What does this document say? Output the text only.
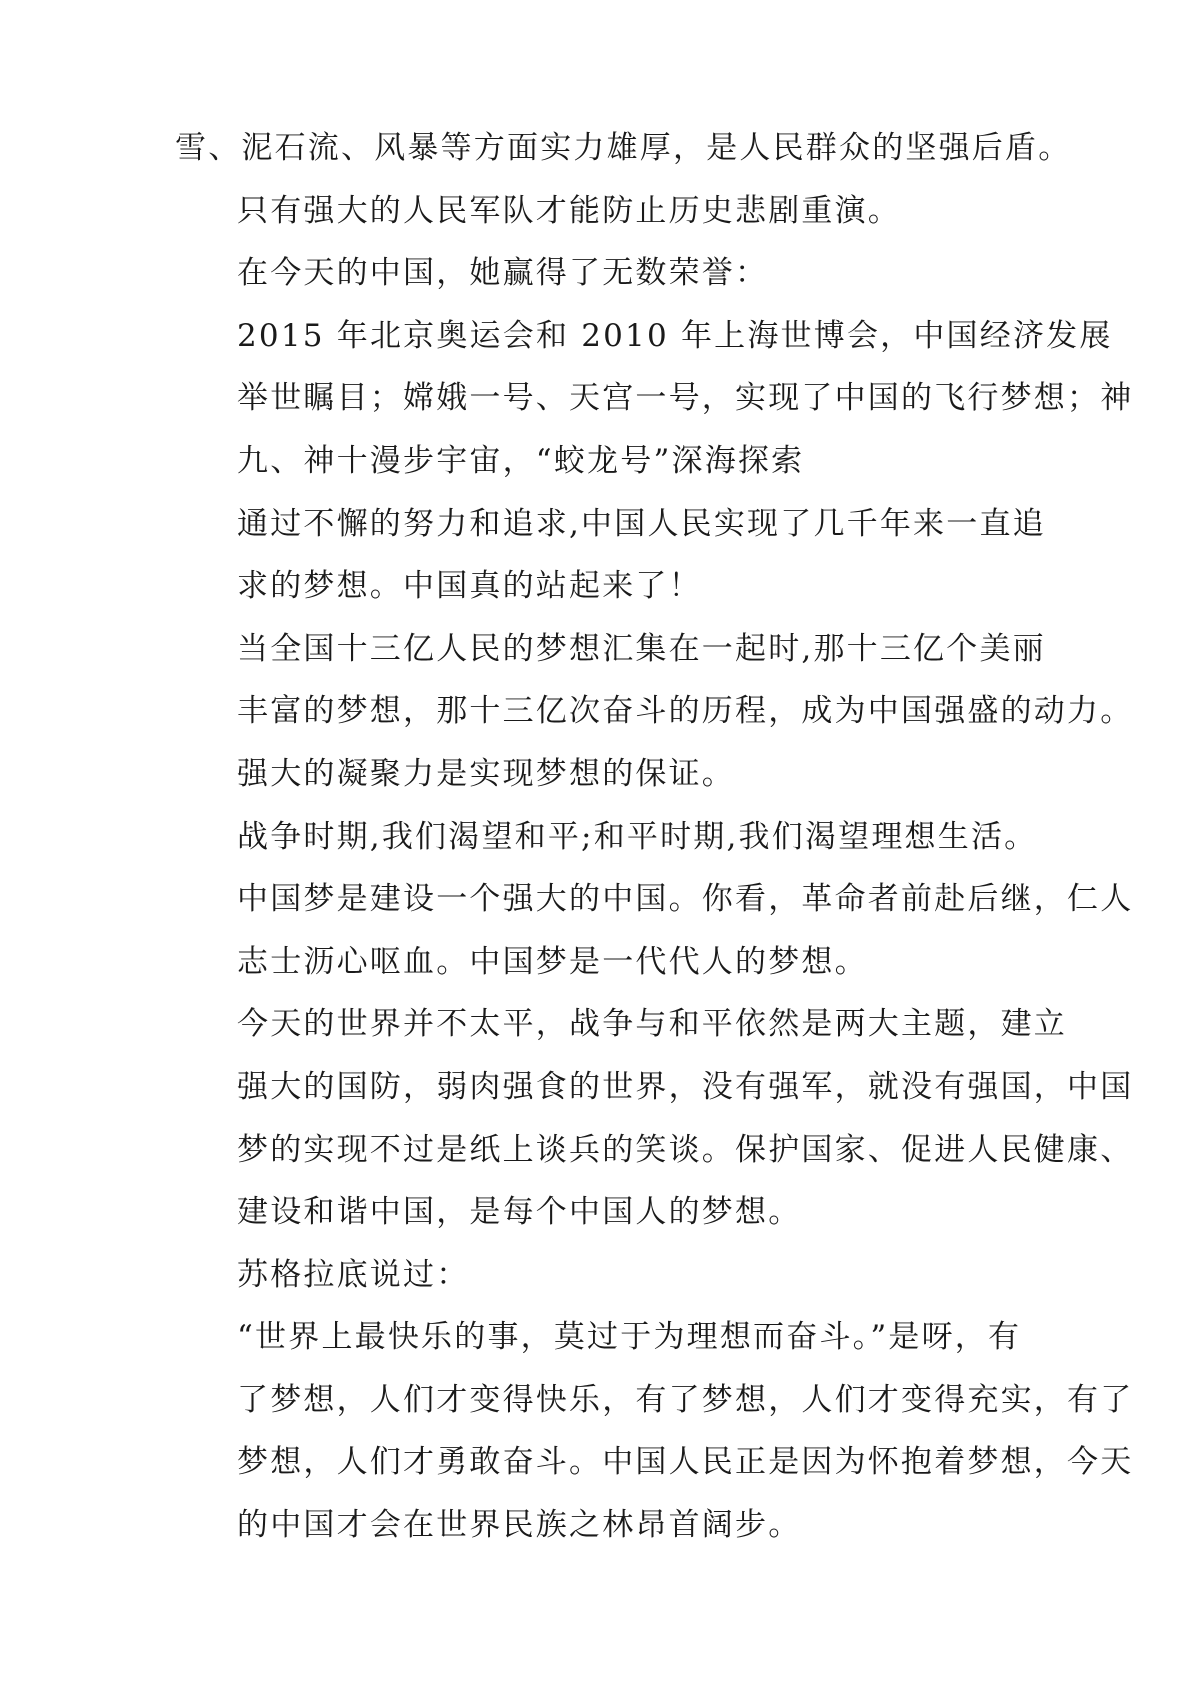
雪、泥石流、风暴等方面实力雄厚，是人民群众的坚强后盾。
只有强大的人民军队才能防止历史悲剧重演。
在今天的中国，她赢得了无数荣誉：
2015 年北京奥运会和 2010 年上海世博会，中国经济发展
举世瞩目；嫦娥一号、天宫一号，实现了中国的飞行梦想；神
九、神十漫步宇宙，“蛟龙号”深海探索
通过不懈的努力和追求,中国人民实现了几千年来一直追
求的梦想。中国真的站起来了！
当全国十三亿人民的梦想汇集在一起时,那十三亿个美丽
丰富的梦想，那十三亿次奋斗的历程，成为中国强盛的动力。
强大的凝聚力是实现梦想的保证。
战争时期,我们渴望和平;和平时期,我们渴望理想生活。
中国梦是建设一个强大的中国。你看，革命者前赴后继，仁人
志士沥心呕血。中国梦是一代代人的梦想。
今天的世界并不太平，战争与和平依然是两大主题，建立
强大的国防，弱肉强食的世界，没有强军，就没有强国，中国
梦的实现不过是纸上谈兵的笑谈。保护国家、促进人民健康、
建设和谐中国，是每个中国人的梦想。
苏格拉底说过：
“世界上最快乐的事，莫过于为理想而奋斗。”是呀，有
了梦想，人们才变得快乐，有了梦想，人们才变得充实，有了
梦想，人们才勇敢奋斗。中国人民正是因为怀抱着梦想，今天
的中国才会在世界民族之林昂首阔步。
